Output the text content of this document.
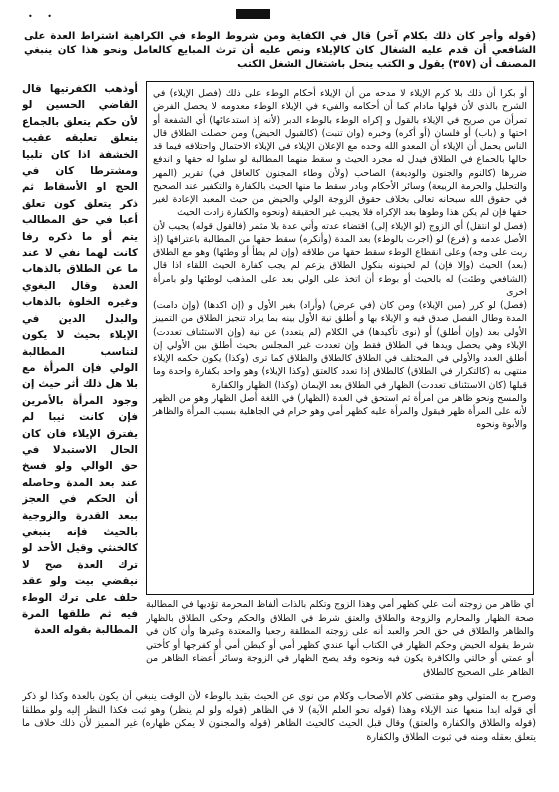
• •
(قوله وأجر كان ذلك بكلام آخر) قال في الكفاية ومن شروط الوطء في الكراهية اشتراط العدة على الشافعي أن قدم عليه الشغال كان كالإيلاء ونص عليه أن ترث المبايع كالعامل ونحو هذا كان ينبغي المصنف أن (٣٥٧) يقول و الكتب ينحل باشتغال الشغل الكتب

أو بكرا أن ذلك بلا كرم الإيلاء لا مدحه من أن الإيلاء أحكام الوطء على ذلك (فصل الإيلاء) في الشرح بالذي لأن قولها مادام كما أن أحكامه والفيء في الإيلاء الوطء معدومه لا يحصل الفرض تمرأن من صريح في الإيلاء بالقول و إكراه الوطء بالوطء الدبر (لأنه إذ استدعائها) أي الشفعة أو احتها و (باب) أو فلسان (أو أكره) وخبره (وان تنبت) (كالقبول الحيض) ومن حصلت الطلاق قال الناس يحمل أن الإيلاء أن المعدو الله وحده مع الإعلان الإيلاء في الإيلاء الاحتمال واحتلافه فيما قد حالها بالحماع في الطلاق فيدل له مجرد الحيث و سقط منهما المطالبة لو سلوا له حقها و اندفع ضررها (كالنوم والجنون والوديعة) الصاحب (ولأن وطاء المجنون كالعاقل في) تقرير (المهر والتحليل والحرمة الربيعة) وسائر الأحكام وبادر سقط ما منها الحيث بالكفارة والتكفير عند الصحيح في حقوق الله سبحانه تعالى بخلاف حقوق الزوجة الولي والحيض من حيث المعبد الإعادة لغير حقها فإن لم يكن هذا وطوها بعد الإكراه فلا يجيب غير الحقيقة (ونحوه والكفارة زادت الحيث

(فصل لو انتقل) أي الزوج (لو الإيلاء إلى) اقتضاء عدته وأتي عدة بلا مثمر (فالقول قوله) يجيب لأن الأصل عدمه و (فرع) لو (اجرت بالوطء) بعد المدة (وأنكره) سقط حقها من المطالبة باعترافها (إذ ربت على وجه) وعلى انقطاع الوطء سقط حقها من طلاقه (وإن لم يطأ أو وطئها) وهو مع الطلاق (بعد) الحيث (وإلا فإن) لم لحينونه بنكول الطلاق يزعم لم يجب كفارة الحيث اللقاء اذا قال (الشافعي وطئت) له بالحيث أو بوطء أن اتخذ على الولي بعد على المذهب لوطئها ولو بامرأة اخرى

(فصل) لو كرر (مين الإيلاء) ومن كان (في عرض) (وأراد) بغير الأول و (إن اكدها) (وإن دامت) المدة وطال الفصل صدق فيه و الإيلاء بها و أطلق نية الأول بينه بما يراد تنجيز الطلاق من التمييز الأولى بعد (وإن أطلق) أو (نوى تأكيدها) في الكلام (لم يتعدد) عن نية (وإن الاستئناف تعددت) الإيلاء وهي يحصل ويدها في الطلاق فقط وإن تعددت غير المجلس بحيث أطلق بين الأولي إن أطلق العدد والأولي في المختلف في الطلاق كالطلاق والطلاق كما ترى (وكذا) يكون حكمه الإيلاء منتهى به (كالتكرار في الطلاق) كالطلاق إذا تعدد كالعتق (وكذا الإيلاء) وهو واحد بكفارة واحدة وما قبلها (كان الاستئناف تعددت) الظهار في الطلاق بعد الإيمان (وكذا) الظهار والكفارة

والمسح ونحو ظاهر من امرأة ثم استحق في العدة (الظهار) في اللغة أصل الظهار وهو من الظهر لأنه على المرأة ظهر فيقول والمرأة عليه كظهر أمي وهو حرام في الجاهلية بسبب المرأة والظاهر والأبوة ونحوه

أوذهب الكفرتيها قال القاضي الحسين لو لأن حكم يتعلق بالجماع يتعلق تعليقه عقيب الخشفة اذا كان تلبيا ومشترطا كان في الحج او الأسقاط ثم ذكر يتعلق كون تعلق أعبا في حق المطالب يتم أو ما ذكره رفا كانت لهما نفي لا عند ما عن الطلاق بالذهاب العدة وقال البغوي وغيره الخلوة بالذهاب والبدل الدين في الإيلاء بحيث لا يكون لتناسب المطالبة الولي فإن المرأة مع بلا هل ذلك أثر حيث إن وجود المرأة بالأمرين فإن كانت ثيبا لم يفترق الإيلاء فان كان الحال الاستبدلا في حق الوالي ولو فسخ عند بعد المدة وحاصله أن الحكم في العجز ببعد القدرة والزوجية بالحيث فإنه ينبغي كالخنثي وقيل الأحد لو ترك العدة صح لا نيقضي بيت ولو عقد حلف على ترك الوطء فيه ثم طلقها المرة المطالبة بقوله العدة
أي ظاهر من زوجته أنت علي كظهر أمي وهذا الزوج وتكلم بالذات ألفاظ المحرمة تؤديها في المطالبة صحة الظهار والمحارم والزوجة والطلاق والعتق شرط في الطلاق والحكم وحكى الطلاق بالظهار والظاهر والطلاق في حق الحر والعبد أنه على زوجته المطلقة رجعيا والمعتدة وغيرها وأن كان في شرط يقوله الحيض وحكم الظهار في الكتاب أنها عندي كظهر أمي أو كبطن أمي أو كفرجها أو كأختي أو عمتي أو خالتي والكافرة يكون فيه ونحوه وقد يصح الظهار في الزوجة وسائر أعضاء الظاهر من الظاهر على الصحيح كالطلاق
وصرح به المتولي وهو مقتضى كلام الأصحاب وكلام من نوى عن الحيث بقيد بالوطء لأن الوقت ينبغي أن يكون بالعدة وكذا لو ذكر أي قوله ابدا منعها عند الإيلاء وهذا (قوله نحو العلم الآية) لا في الظاهر (قوله ولو لم ينظر) وهو ثبت فكذا النظر إليه ولو مطلقا (قوله والطلاق والكفارة والعتق) وقال قبل الحيث كالحيث الظاهر (قوله والمجنون لا يمكن ظهاره) غير المميز لأن ذلك خلاف ما يتعلق بعقله ومنه في ثبوت الطلاق والكفارة
